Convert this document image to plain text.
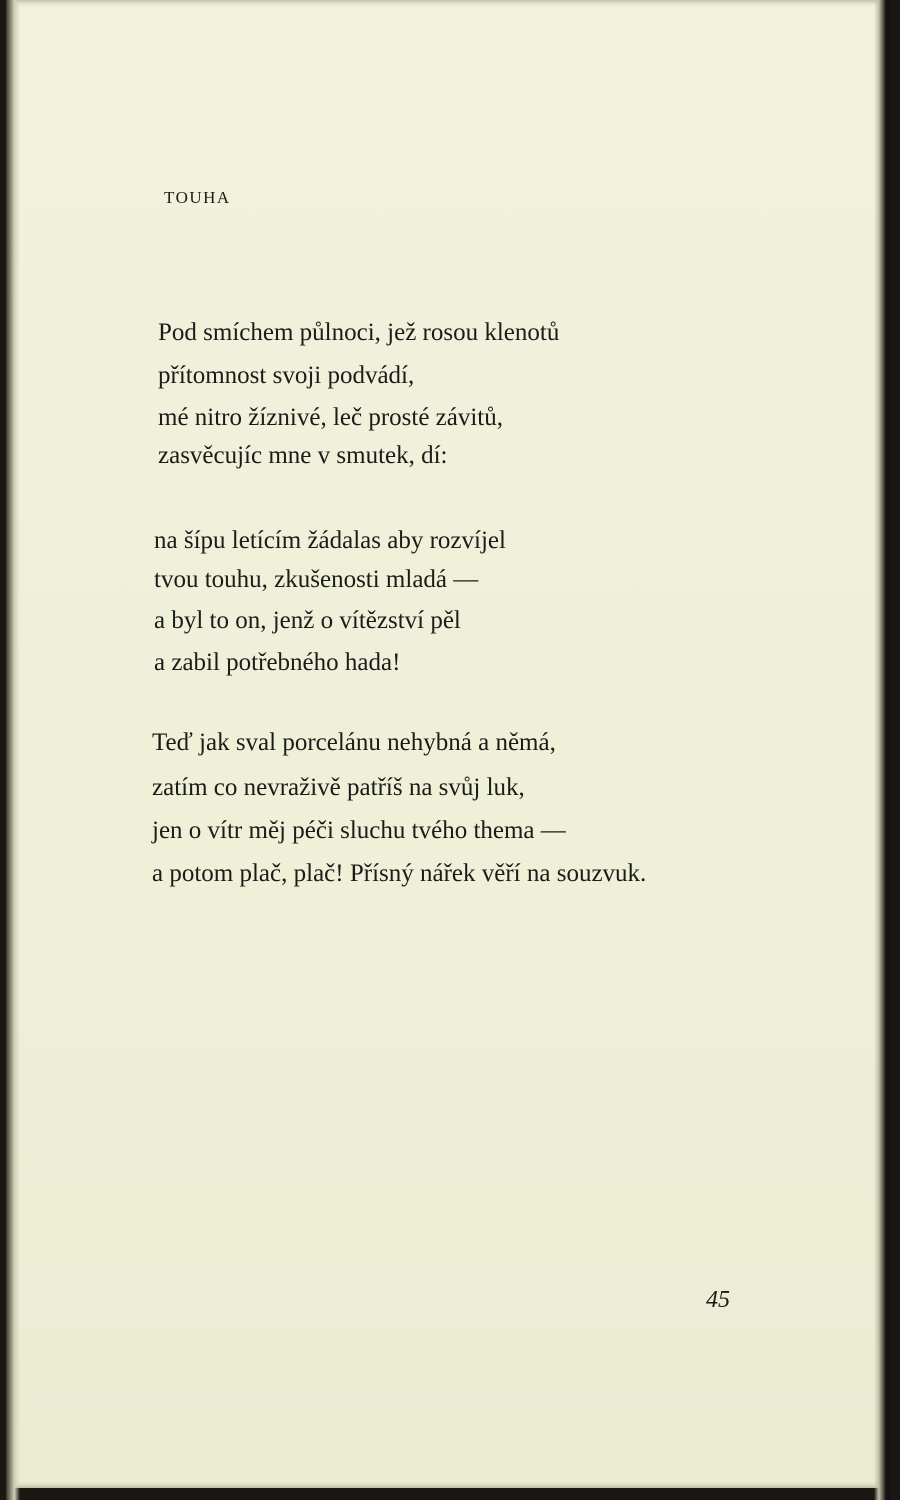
TOUHA
Pod smíchem půlnoci, jež rosou klenotů
přítomnost svoji podvádí,
mé nitro žíznivé, leč prosté závitů,
zasvěcujíc mne v smutek, dí:
na šípu letícím žádalas aby rozvíjel
tvou touhu, zkušenosti mladá —
a byl to on, jenž o vítězství pěl
a zabil potřebného hada!
Teď jak sval porcelánu nehybná a němá,
zatím co nevraživě patříš na svůj luk,
jen o vítr měj péči sluchu tvého thema —
a potom plač, plač! Přísný nářek věří na souzvuk.
45
